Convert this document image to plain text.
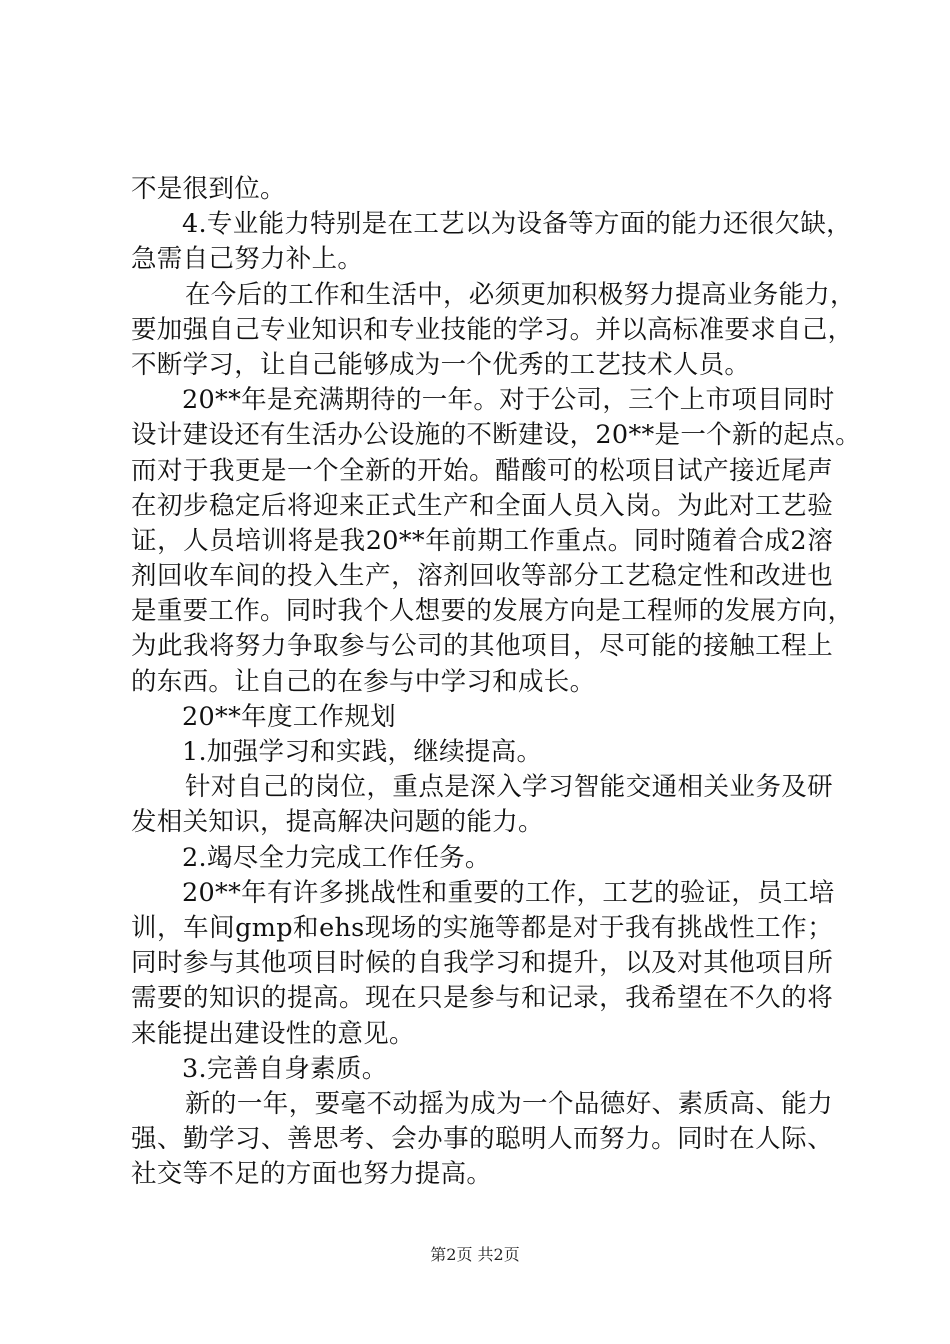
不是很到位。
4.专业能力特别是在工艺以为设备等方面的能力还很欠缺，
急需自己努力补上。
在今后的工作和生活中，必须更加积极努力提高业务能力，
要加强自己专业知识和专业技能的学习。并以高标准要求自己，
不断学习，让自己能够成为一个优秀的工艺技术人员。
20**年是充满期待的一年。对于公司，三个上市项目同时
设计建设还有生活办公设施的不断建设，20**是一个新的起点。
而对于我更是一个全新的开始。醋酸可的松项目试产接近尾声
在初步稳定后将迎来正式生产和全面人员入岗。为此对工艺验
证，人员培训将是我20**年前期工作重点。同时随着合成2溶
剂回收车间的投入生产，溶剂回收等部分工艺稳定性和改进也
是重要工作。同时我个人想要的发展方向是工程师的发展方向，
为此我将努力争取参与公司的其他项目，尽可能的接触工程上
的东西。让自己的在参与中学习和成长。
20**年度工作规划
1.加强学习和实践，继续提高。
针对自己的岗位，重点是深入学习智能交通相关业务及研
发相关知识，提高解决问题的能力。
2.竭尽全力完成工作任务。
20**年有许多挑战性和重要的工作，工艺的验证，员工培
训，车间gmp和ehs现场的实施等都是对于我有挑战性工作；
同时参与其他项目时候的自我学习和提升，以及对其他项目所
需要的知识的提高。现在只是参与和记录，我希望在不久的将
来能提出建设性的意见。
3.完善自身素质。
新的一年，要毫不动摇为成为一个品德好、素质高、能力
强、勤学习、善思考、会办事的聪明人而努力。同时在人际、
社交等不足的方面也努力提高。
第2页 共2页
